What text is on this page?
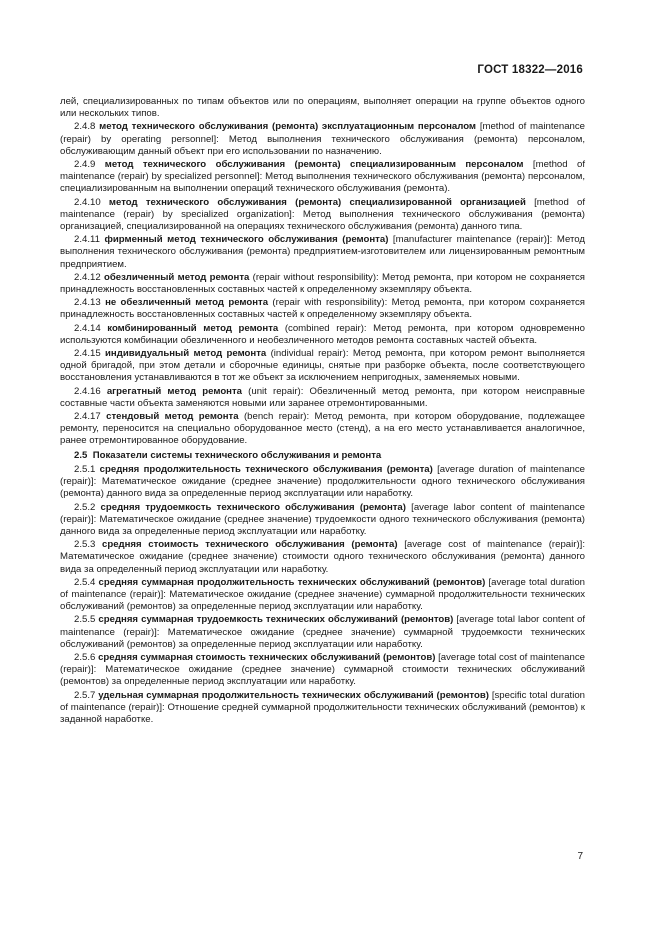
ГОСТ 18322—2016

лей, специализированных по типам объектов или по операциям, выполняет операции на группе объектов одного или нескольких типов.

2.4.8 метод технического обслуживания (ремонта) эксплуатационным персоналом [method of maintenance (repair) by operating personnel]: Метод выполнения технического обслуживания (ремонта) персоналом, обслуживающим данный объект при его использовании по назначению.

2.4.9 метод технического обслуживания (ремонта) специализированным персоналом [method of maintenance (repair) by specialized personnel]: Метод выполнения технического обслуживания (ремонта) персоналом, специализированным на выполнении операций технического обслуживания (ремонта).

2.4.10 метод технического обслуживания (ремонта) специализированной организацией [method of maintenance (repair) by specialized organization]: Метод выполнения технического обслуживания (ремонта) организацией, специализированной на операциях технического обслуживания (ремонта) данного типа.

2.4.11 фирменный метод технического обслуживания (ремонта) [manufacturer maintenance (repair)]: Метод выполнения технического обслуживания (ремонта) предприятием-изготовителем или лицензированным ремонтным предприятием.

2.4.12 обезличенный метод ремонта (repair without responsibility): Метод ремонта, при котором не сохраняется принадлежность восстановленных составных частей к определенному экземпляру объекта.

2.4.13 не обезличенный метод ремонта (repair with responsibility): Метод ремонта, при котором сохраняется принадлежность восстановленных составных частей к определенному экземпляру объекта.

2.4.14 комбинированный метод ремонта (combined repair): Метод ремонта, при котором одновременно используются комбинации обезличенного и необезличенного методов ремонта составных частей объекта.

2.4.15 индивидуальный метод ремонта (individual repair): Метод ремонта, при котором ремонт выполняется одной бригадой, при этом детали и сборочные единицы, снятые при разборке объекта, после соответствующего восстановления устанавливаются в тот же объект за исключением непригодных, заменяемых новыми.

2.4.16 агрегатный метод ремонта (unit repair): Обезличенный метод ремонта, при котором неисправные составные части объекта заменяются новыми или заранее отремонтированными.

2.4.17 стендовый метод ремонта (bench repair): Метод ремонта, при котором оборудование, подлежащее ремонту, переносится на специально оборудованное место (стенд), а на его место устанавливается аналогичное, ранее отремонтированное оборудование.

2.5 Показатели системы технического обслуживания и ремонта

2.5.1 средняя продолжительность технического обслуживания (ремонта) [average duration of maintenance (repair)]: Математическое ожидание (среднее значение) продолжительности одного технического обслуживания (ремонта) данного вида за определенные период эксплуатации или наработку.

2.5.2 средняя трудоемкость технического обслуживания (ремонта) [average labor content of maintenance (repair)]: Математическое ожидание (среднее значение) трудоемкости одного технического обслуживания (ремонта) данного вида за определенные период эксплуатации или наработку.

2.5.3 средняя стоимость технического обслуживания (ремонта) [average cost of maintenance (repair)]: Математическое ожидание (среднее значение) стоимости одного технического обслуживания (ремонта) данного вида за определенный период эксплуатации или наработку.

2.5.4 средняя суммарная продолжительность технических обслуживаний (ремонтов) [average total duration of maintenance (repair)]: Математическое ожидание (среднее значение) суммарной продолжительности технических обслуживаний (ремонтов) за определенные период эксплуатации или наработку.

2.5.5 средняя суммарная трудоемкость технических обслуживаний (ремонтов) [average total labor content of maintenance (repair)]: Математическое ожидание (среднее значение) суммарной трудоемкости технических обслуживаний (ремонтов) за определенные период эксплуатации или наработку.

2.5.6 средняя суммарная стоимость технических обслуживаний (ремонтов) [average total cost of maintenance (repair)]: Математическое ожидание (среднее значение) суммарной стоимости технических обслуживаний (ремонтов) за определенные период эксплуатации или наработку.

2.5.7 удельная суммарная продолжительность технических обслуживаний (ремонтов) [specific total duration of maintenance (repair)]: Отношение средней суммарной продолжительности технических обслуживаний (ремонтов) к заданной наработке.

7
